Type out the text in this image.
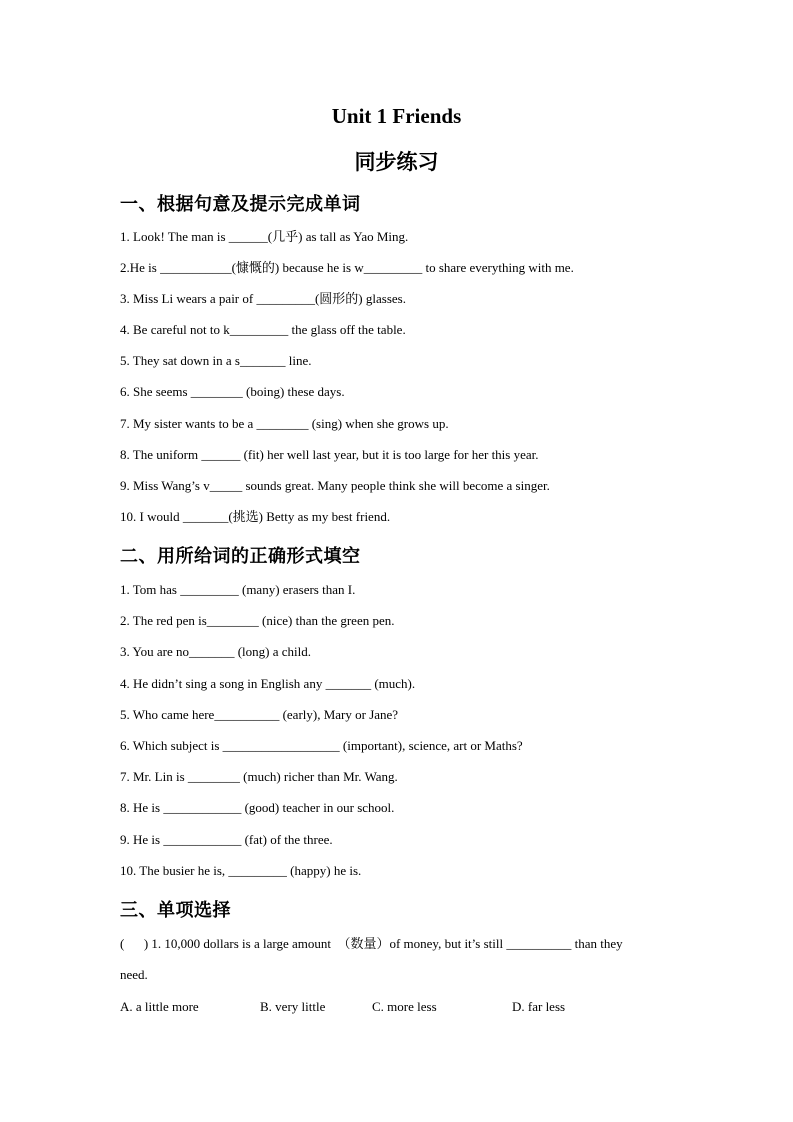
Unit 1 Friends
同步练习
一、根据句意及提示完成单词
1. Look! The man is ______(几乎) as tall as Yao Ming.
2.He is ___________(慷慨的) because he is w_________ to share everything with me.
3. Miss Li wears a pair of _________(圆形的) glasses.
4. Be careful not to k_________ the glass off the table.
5. They sat down in a s_______ line.
6. She seems ________ (boing) these days.
7. My sister wants to be a ________ (sing) when she grows up.
8. The uniform ______ (fit) her well last year, but it is too large for her this year.
9. Miss Wang’s v_____ sounds great. Many people think she will become a singer.
10. I would _______(挑选) Betty as my best friend.
二、用所给词的正确形式填空
1. Tom has _________ (many) erasers than I.
2. The red pen is________ (nice) than the green pen.
3. You are no_______ (long) a child.
4. He didn’t sing a song in English any _______ (much).
5. Who came here__________ (early), Mary or Jane?
6. Which subject is __________________ (important), science, art or Maths?
7. Mr. Lin is ________ (much) richer than Mr. Wang.
8. He is ____________ (good) teacher in our school.
9. He is ____________ (fat) of the three.
10. The busier he is, _________ (happy) he is.
三、单项选择
(      ) 1. 10,000 dollars is a large amount  （数量）of money, but it’s still __________ than they
need.
A. a little more	B. very little	C. more less	D. far less
